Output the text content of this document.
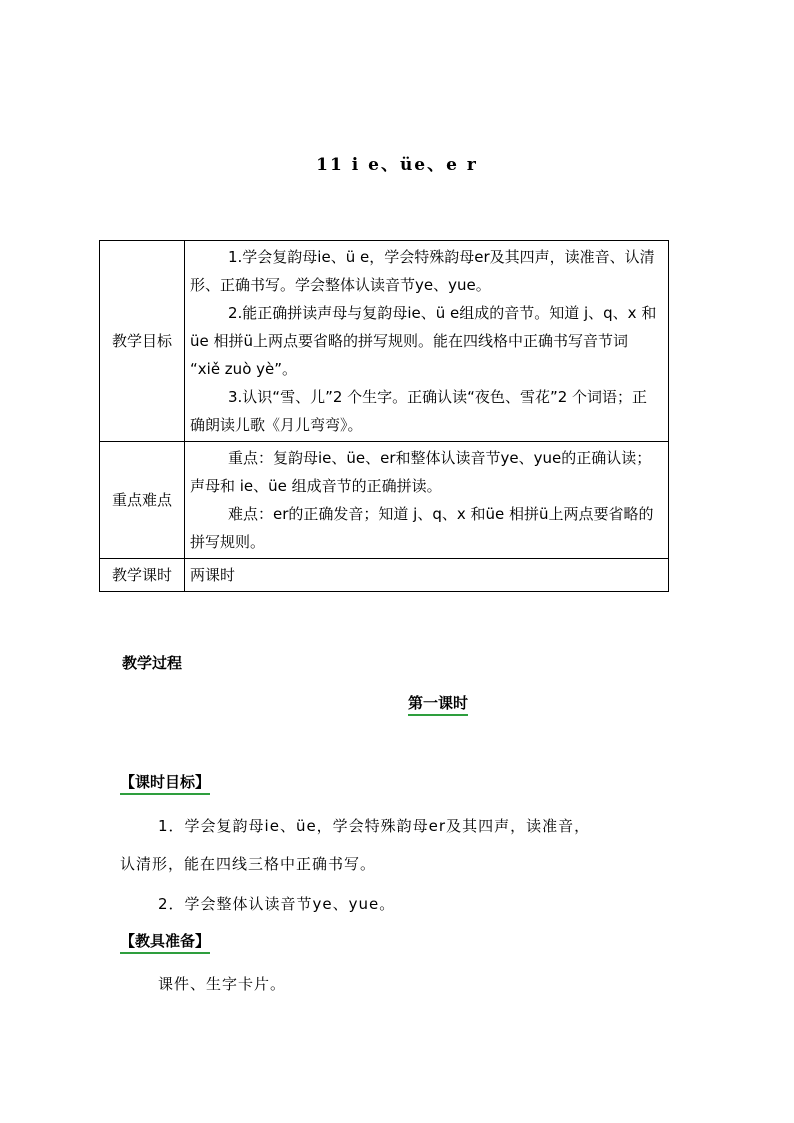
11 i e、üe、e r
教学目标	1.学会复韵母ie、ü e，学会特殊韵母er及其四声，读准音、认清形、正确书写。学会整体认读音节ye、yue。

2.能正确拼读声母与复韵母ie、ü e组成的音节。知道 j、q、x 和üe 相拼ü上两点要省略的拼写规则。能在四线格中正确书写音节词 “xiě zuò yè”。

3.认识“雪、儿”2 个生字。正确认读“夜色、雪花”2 个词语；正确朗读儿歌《月儿弯弯》。

重点难点	重点：复韵母ie、üe、er和整体认读音节ye、yue的正确认读；声母和 ie、üe 组成音节的正确拼读。

难点：er的正确发音；知道 j、q、x 和üe 相拼ü上两点要省略的拼写规则。

教学课时	两课时
教学过程
第一课时
【课时目标】
1．学会复韵母ie、üe，学会特殊韵母er及其四声，读准音，
认清形，能在四线三格中正确书写。
2．学会整体认读音节ye、yue。
【教具准备】
课件、生字卡片。
